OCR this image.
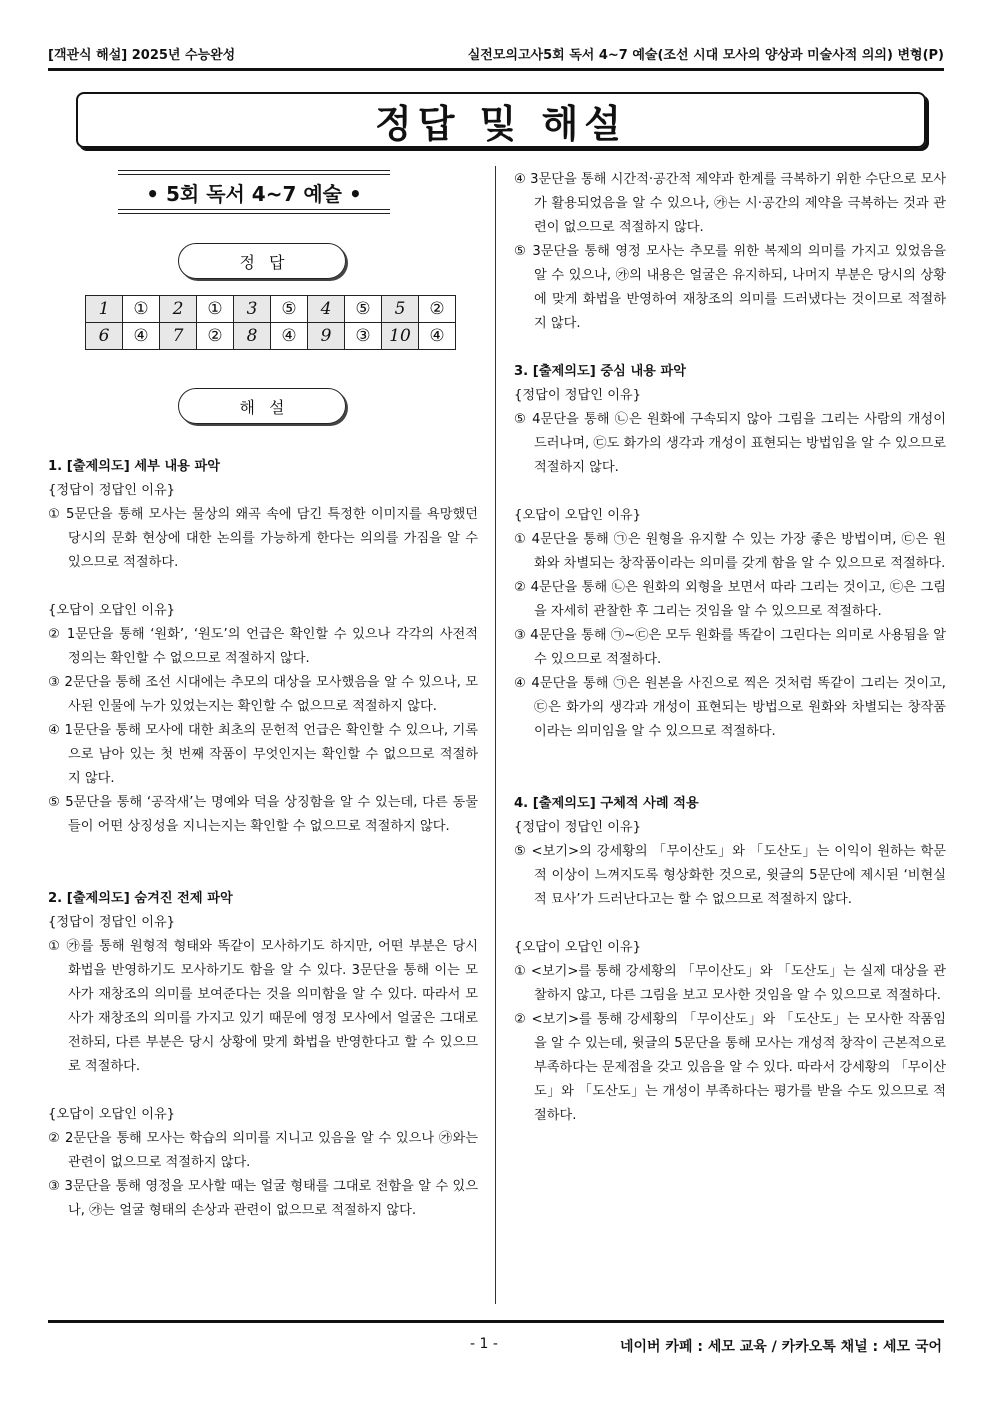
[객관식 해설] 2025년 수능완성	실전모의고사5회 독서 4~7 예술(조선 시대 모사의 양상과 미술사적 의의) 변형(P)
정답 및 해설
• 5회 독서 4~7 예술 •
정답
1	①	2	①	3	⑤	4	⑤	5	②
6	④	7	②	8	④	9	③	10	④
해설
1. [출제의도] 세부 내용 파악
{정답이 정답인 이유}
① 5문단을 통해 모사는 물상의 왜곡 속에 담긴 특정한 이미지를 욕망했던 당시의 문화 현상에 대한 논의를 가능하게 한다는 의의를 가짐을 알 수 있으므로 적절하다.
{오답이 오답인 이유}
② 1문단을 통해 ‘원화’, ‘원도’의 언급은 확인할 수 있으나 각각의 사전적 정의는 확인할 수 없으므로 적절하지 않다.
③ 2문단을 통해 조선 시대에는 추모의 대상을 모사했음을 알 수 있으나, 모사된 인물에 누가 있었는지는 확인할 수 없으므로 적절하지 않다.
④ 1문단을 통해 모사에 대한 최초의 문헌적 언급은 확인할 수 있으나, 기록으로 남아 있는 첫 번째 작품이 무엇인지는 확인할 수 없으므로 적절하지 않다.
⑤ 5문단을 통해 ‘공작새’는 명예와 덕을 상징함을 알 수 있는데, 다른 동물들이 어떤 상징성을 지니는지는 확인할 수 없으므로 적절하지 않다.
2. [출제의도] 숨겨진 전제 파악
{정답이 정답인 이유}
① ㉮를 통해 원형적 형태와 똑같이 모사하기도 하지만, 어떤 부분은 당시 화법을 반영하기도 모사하기도 함을 알 수 있다. 3문단을 통해 이는 모사가 재창조의 의미를 보여준다는 것을 의미함을 알 수 있다. 따라서 모사가 재창조의 의미를 가지고 있기 때문에 영정 모사에서 얼굴은 그대로 전하되, 다른 부분은 당시 상황에 맞게 화법을 반영한다고 할 수 있으므로 적절하다.
{오답이 오답인 이유}
② 2문단을 통해 모사는 학습의 의미를 지니고 있음을 알 수 있으나 ㉮와는 관련이 없으므로 적절하지 않다.
③ 3문단을 통해 영정을 모사할 때는 얼굴 형태를 그대로 전함을 알 수 있으나, ㉮는 얼굴 형태의 손상과 관련이 없으므로 적절하지 않다.
④ 3문단을 통해 시간적·공간적 제약과 한계를 극복하기 위한 수단으로 모사가 활용되었음을 알 수 있으나, ㉮는 시·공간의 제약을 극복하는 것과 관련이 없으므로 적절하지 않다.
⑤ 3문단을 통해 영정 모사는 추모를 위한 복제의 의미를 가지고 있었음을 알 수 있으나, ㉮의 내용은 얼굴은 유지하되, 나머지 부분은 당시의 상황에 맞게 화법을 반영하여 재창조의 의미를 드러냈다는 것이므로 적절하지 않다.
3. [출제의도] 중심 내용 파악
{정답이 정답인 이유}
⑤ 4문단을 통해 ㉡은 원화에 구속되지 않아 그림을 그리는 사람의 개성이 드러나며, ㉢도 화가의 생각과 개성이 표현되는 방법임을 알 수 있으므로 적절하지 않다.
{오답이 오답인 이유}
① 4문단을 통해 ㉠은 원형을 유지할 수 있는 가장 좋은 방법이며, ㉢은 원화와 차별되는 창작품이라는 의미를 갖게 함을 알 수 있으므로 적절하다.
② 4문단을 통해 ㉡은 원화의 외형을 보면서 따라 그리는 것이고, ㉢은 그림을 자세히 관찰한 후 그리는 것임을 알 수 있으므로 적절하다.
③ 4문단을 통해 ㉠~㉢은 모두 원화를 똑같이 그린다는 의미로 사용됨을 알 수 있으므로 적절하다.
④ 4문단을 통해 ㉠은 원본을 사진으로 찍은 것처럼 똑같이 그리는 것이고, ㉢은 화가의 생각과 개성이 표현되는 방법으로 원화와 차별되는 창작품이라는 의미임을 알 수 있으므로 적절하다.
4. [출제의도] 구체적 사례 적용
{정답이 정답인 이유}
⑤ <보기>의 강세황의 「무이산도」와 「도산도」는 이익이 원하는 학문적 이상이 느껴지도록 형상화한 것으로, 윗글의 5문단에 제시된 ‘비현실적 묘사’가 드러난다고는 할 수 없으므로 적절하지 않다.
{오답이 오답인 이유}
① <보기>를 통해 강세황의 「무이산도」와 「도산도」는 실제 대상을 관찰하지 않고, 다른 그림을 보고 모사한 것임을 알 수 있으므로 적절하다.
② <보기>를 통해 강세황의 「무이산도」와 「도산도」는 모사한 작품임을 알 수 있는데, 윗글의 5문단을 통해 모사는 개성적 창작이 근본적으로 부족하다는 문제점을 갖고 있음을 알 수 있다. 따라서 강세황의 「무이산도」와 「도산도」는 개성이 부족하다는 평가를 받을 수도 있으므로 적절하다.
- 1 -	네이버 카페 : 세모 교육 / 카카오톡 채널 : 세모 국어
